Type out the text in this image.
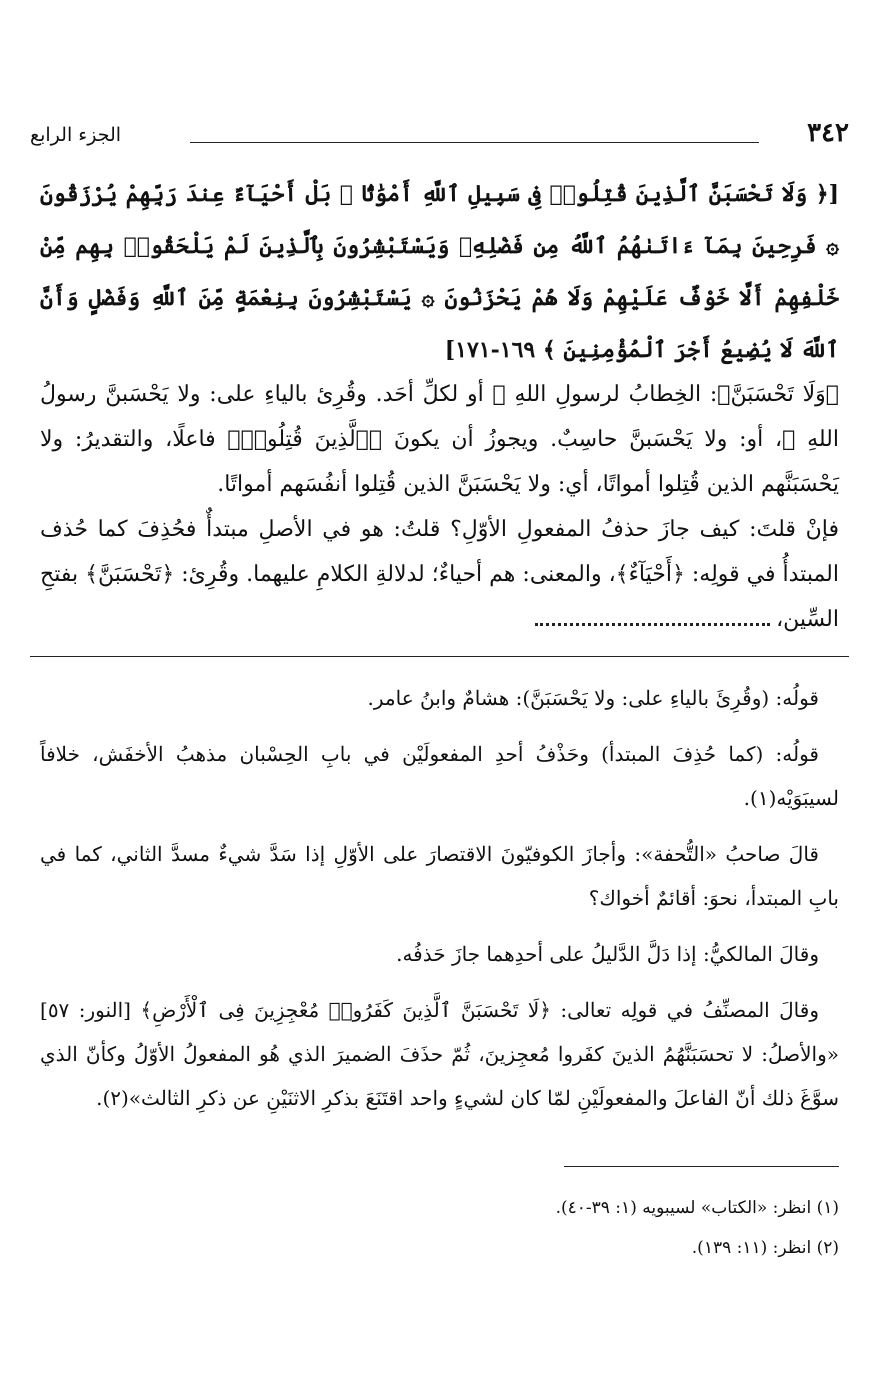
٣٤٢
الجزء الرابع
[﴿ وَلَا تَحْسَبَنَّ ٱلَّذِينَ قُتِلُوا۟ فِى سَبِيلِ ٱللَّهِ أَمْوَٰتًۢا ۚ بَلْ أَحْيَآءٌ عِندَ رَبِّهِمْ يُرْزَقُونَ ۞ فَرِحِينَ بِمَآ ءَاتَىٰهُمُ ٱللَّهُ مِن فَضْلِهِۦ وَيَسْتَبْشِرُونَ بِٱلَّذِينَ لَمْ يَلْحَقُوا۟ بِهِم مِّنْ خَلْفِهِمْ أَلَّا خَوْفٌ عَلَيْهِمْ وَلَا هُمْ يَحْزَنُونَ ۞ يَسْتَبْشِرُونَ بِنِعْمَةٍ مِّنَ ٱللَّهِ وَفَضْلٍ وَأَنَّ ٱللَّهَ لَا يُضِيعُ أَجْرَ ٱلْمُؤْمِنِينَ ﴾ ١٦٩-١٧١]

﴿وَلَا تَحْسَبَنَّ﴾: الخِطابُ لرسولِ اللهِ ﷺ أو لكلِّ أحَد. وقُرِئ بالياءِ على: ولا يَحْسَبنَّ رسولُ اللهِ ﷺ، أو: ولا يَحْسَبنَّ حاسِبٌ. ويجوزُ أن يكونَ ﴿ٱلَّذِينَ قُتِلُوا۟﴾ فاعلًا، والتقديرُ: ولا يَحْسَبَنَّهم الذين قُتِلوا أمواتًا، أي: ولا يَحْسَبَنَّ الذين قُتِلوا أنفُسَهم أمواتًا.

فإنْ قلتَ: كيف جازَ حذفُ المفعولِ الأوّلِ؟ قلتُ: هو في الأصلِ مبتدأٌ فحُذِفَ كما حُذف المبتدأُ في قولِه: ﴿أَحْيَآءٌ﴾، والمعنى: هم أحياءٌ؛ لدلالةِ الكلامِ عليهما. وقُرِئ: ﴿تَحْسَبَنَّ﴾ بفتحِ السِّين،

قولُه: (وقُرِئَ بالياءِ على: ولا يَحْسَبَنَّ): هشامٌ وابنُ عامر.

قولُه: (كما حُذِفَ المبتدأ) وحَذْفُ أحدِ المفعولَيْن في بابِ الحِسْبان مذهبُ الأخفَش، خلافاً لسيبَوَيْه(١).

قالَ صاحبُ «التُّحفة»: وأجازَ الكوفيّونَ الاقتصارَ على الأوّلِ إذا سَدَّ شيءٌ مسدَّ الثاني، كما في بابِ المبتدأ، نحوَ: أقائمٌ أخواك؟

وقالَ المالكيُّ: إذا دَلَّ الدَّليلُ على أحدِهما جازَ حَذفُه.

وقالَ المصنِّفُ في قولِه تعالى: ﴿لَا تَحْسَبَنَّ ٱلَّذِينَ كَفَرُوا۟ مُعْجِزِينَ فِى ٱلْأَرْضِ﴾ [النور: ٥٧] «والأصلُ: لا تحسَبَنَّهُمُ الذينَ كفَروا مُعجِزينَ، ثُمّ حذَفَ الضميرَ الذي هُو المفعولُ الأوّلُ وكأنّ الذي سوَّغَ ذلك أنّ الفاعلَ والمفعولَيْنِ لمّا كان لشيءٍ واحد اقتَنَعَ بذكرِ الاثنَيْنِ عن ذكرِ الثالث»(٢).

(١) انظر: «الكتاب» لسيبويه (١: ٣٩-٤٠).

(٢) انظر: (١١: ١٣٩).
